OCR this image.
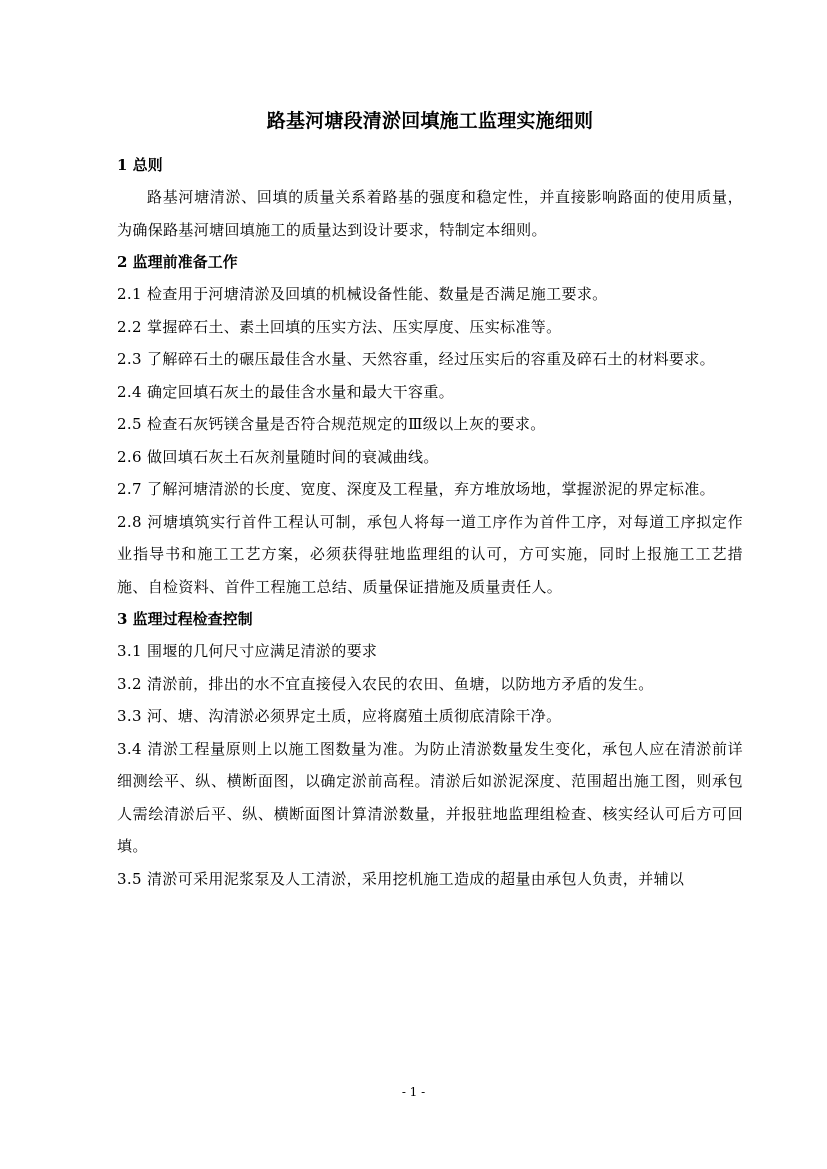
路基河塘段清淤回填施工监理实施细则
1 总则

路基河塘清淤、回填的质量关系着路基的强度和稳定性，并直接影响路面的使用质量，为确保路基河塘回填施工的质量达到设计要求，特制定本细则。

2 监理前准备工作

2.1 检查用于河塘清淤及回填的机械设备性能、数量是否满足施工要求。

2.2 掌握碎石土、素土回填的压实方法、压实厚度、压实标准等。

2.3 了解碎石土的碾压最佳含水量、天然容重，经过压实后的容重及碎石土的材料要求。

2.4 确定回填石灰土的最佳含水量和最大干容重。

2.5 检查石灰钙镁含量是否符合规范规定的Ⅲ级以上灰的要求。

2.6 做回填石灰土石灰剂量随时间的衰减曲线。

2.7 了解河塘清淤的长度、宽度、深度及工程量，弃方堆放场地，掌握淤泥的界定标准。

2.8 河塘填筑实行首件工程认可制，承包人将每一道工序作为首件工序，对每道工序拟定作业指导书和施工工艺方案，必须获得驻地监理组的认可，方可实施，同时上报施工工艺措施、自检资料、首件工程施工总结、质量保证措施及质量责任人。

3 监理过程检查控制

3.1 围堰的几何尺寸应满足清淤的要求

3.2 清淤前，排出的水不宜直接侵入农民的农田、鱼塘，以防地方矛盾的发生。

3.3 河、塘、沟清淤必须界定土质，应将腐殖土质彻底清除干净。

3.4 清淤工程量原则上以施工图数量为准。为防止清淤数量发生变化，承包人应在清淤前详细测绘平、纵、横断面图，以确定淤前高程。清淤后如淤泥深度、范围超出施工图，则承包人需绘清淤后平、纵、横断面图计算清淤数量，并报驻地监理组检查、核实经认可后方可回填。

3.5 清淤可采用泥浆泵及人工清淤，采用挖机施工造成的超量由承包人负责，并辅以

- 1 -
